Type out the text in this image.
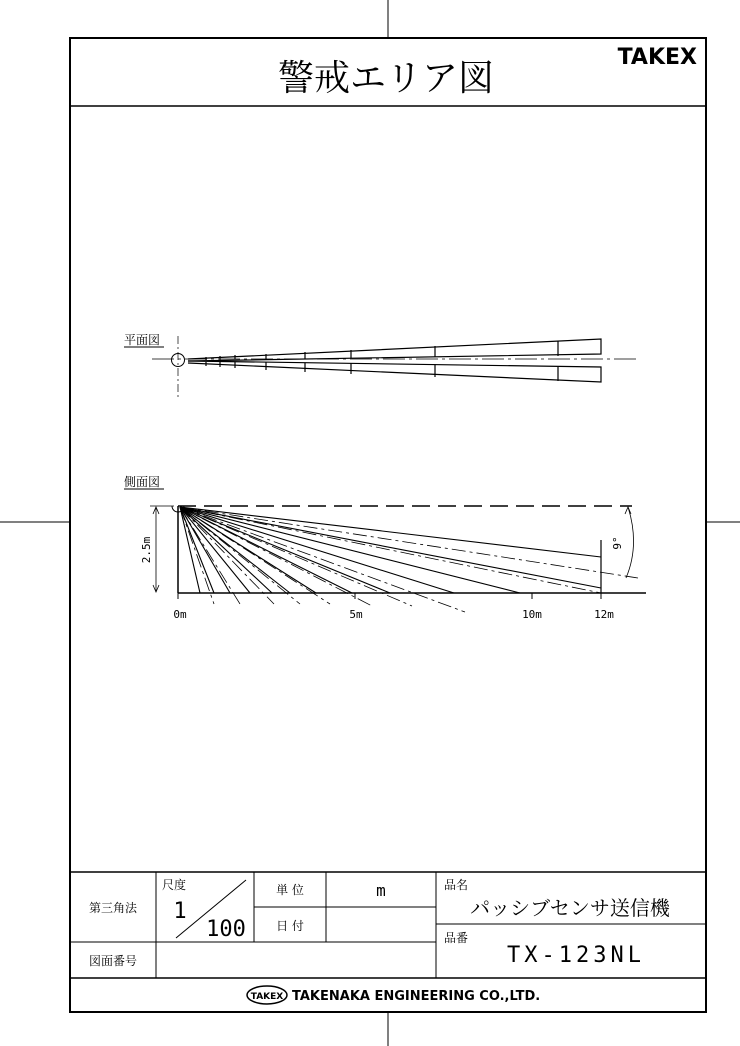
警戒エリア図
TAKEX
平面図
側面図
2.5m	9°
0m	5m	10m	12m
第三角法
尺度
1
100
単 位	m
日 付
品名
パッシブセンサ送信機
品番
TX-123NL
図面番号
TAKEX TAKENAKA ENGINEERING CO.,LTD.
